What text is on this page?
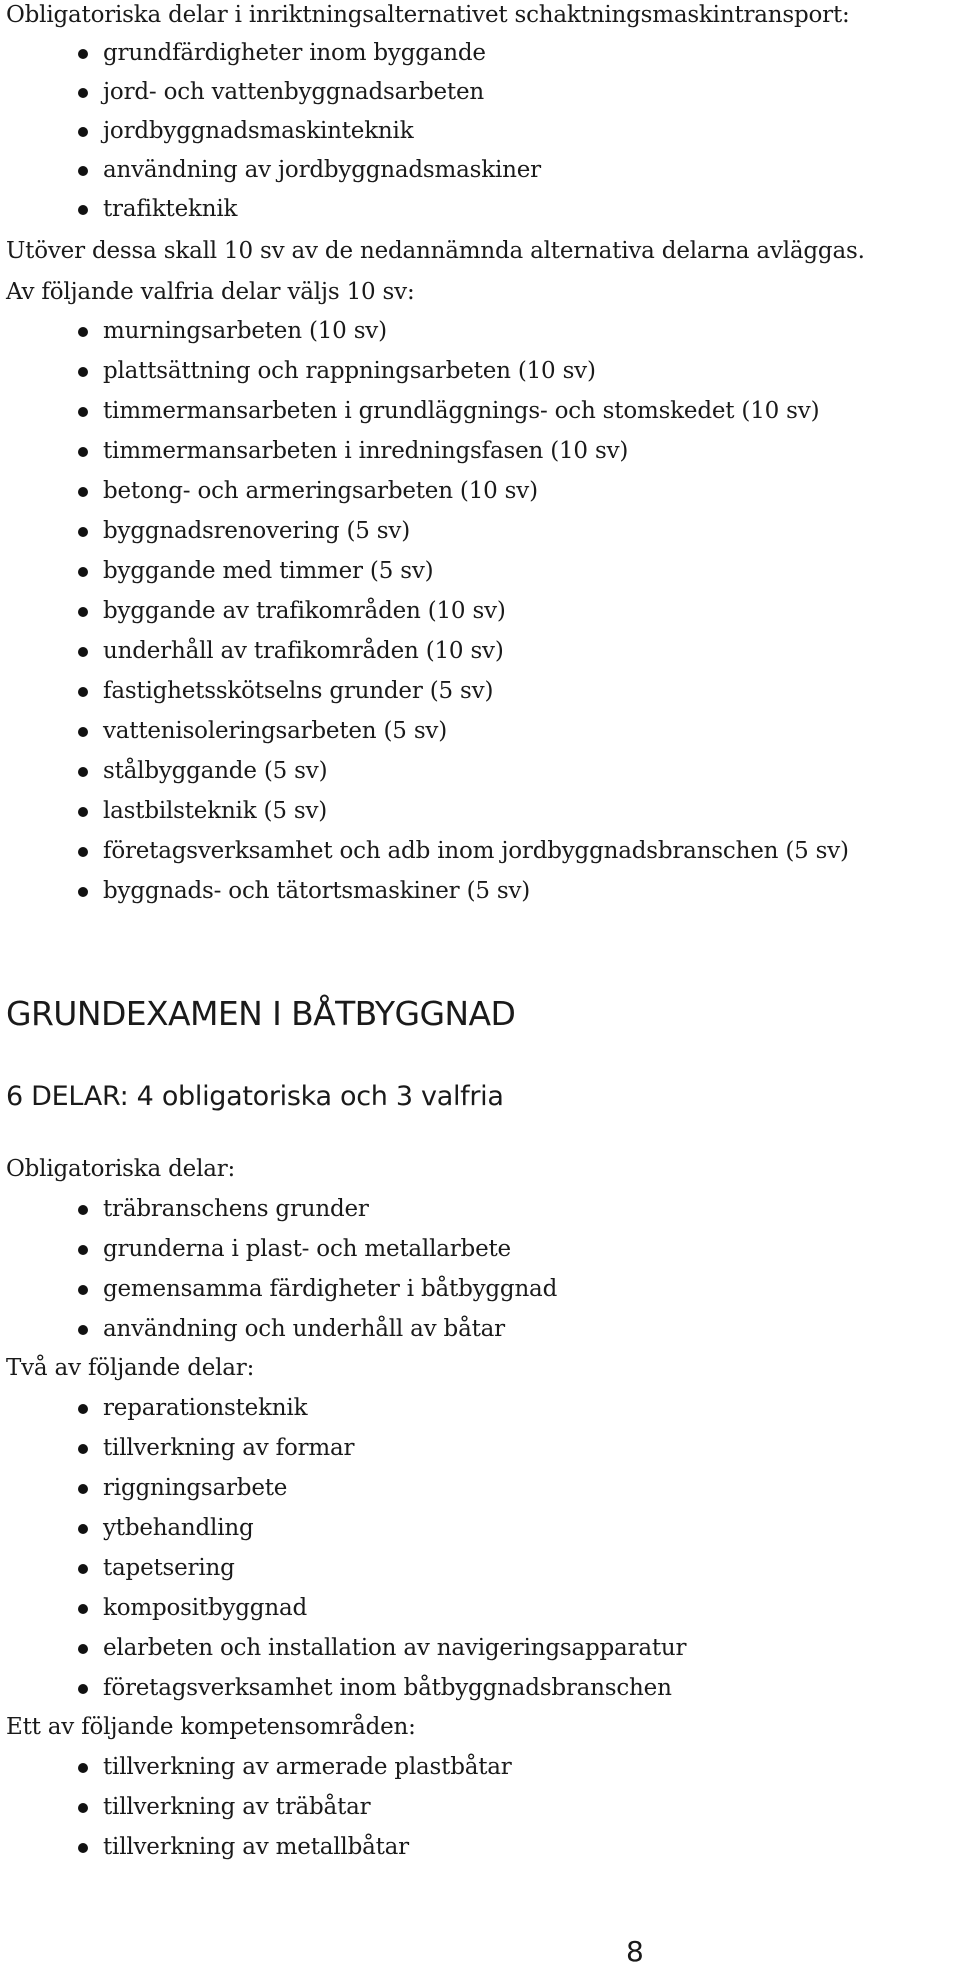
Obligatoriska delar i inriktningsalternativet schaktningsmaskintransport:
grundfärdigheter inom byggande
jord- och vattenbyggnadsarbeten
jordbyggnadsmaskinteknik
användning av jordbyggnadsmaskiner
trafikteknik
Utöver dessa skall 10 sv av de nedannämnda alternativa delarna avläggas.
Av följande valfria delar väljs 10 sv:
murningsarbeten (10 sv)
plattsättning och rappningsarbeten (10 sv)
timmermansarbeten i grundläggnings- och stomskedet (10 sv)
timmermansarbeten i inredningsfasen (10 sv)
betong- och armeringsarbeten (10 sv)
byggnadsrenovering (5 sv)
byggande med timmer (5 sv)
byggande av trafikområden (10 sv)
underhåll av trafikområden (10 sv)
fastighetsskötselns grunder (5 sv)
vattenisoleringsarbeten (5 sv)
stålbyggande (5 sv)
lastbilsteknik (5 sv)
företagsverksamhet och adb inom jordbyggnadsbranschen (5 sv)
byggnads- och tätortsmaskiner (5 sv)
GRUNDEXAMEN I BÅTBYGGNAD
6 DELAR: 4 obligatoriska och 3 valfria
Obligatoriska delar:
träbranschens grunder
grunderna i plast- och metallarbete
gemensamma färdigheter i båtbyggnad
användning och underhåll av båtar
Två av följande delar:
reparationsteknik
tillverkning av formar
riggningsarbete
ytbehandling
tapetsering
kompositbyggnad
elarbeten och installation av navigeringsapparatur
företagsverksamhet inom båtbyggnadsbranschen
Ett av följande kompetensområden:
tillverkning av armerade plastbåtar
tillverkning av träbåtar
tillverkning av metallbåtar
8
